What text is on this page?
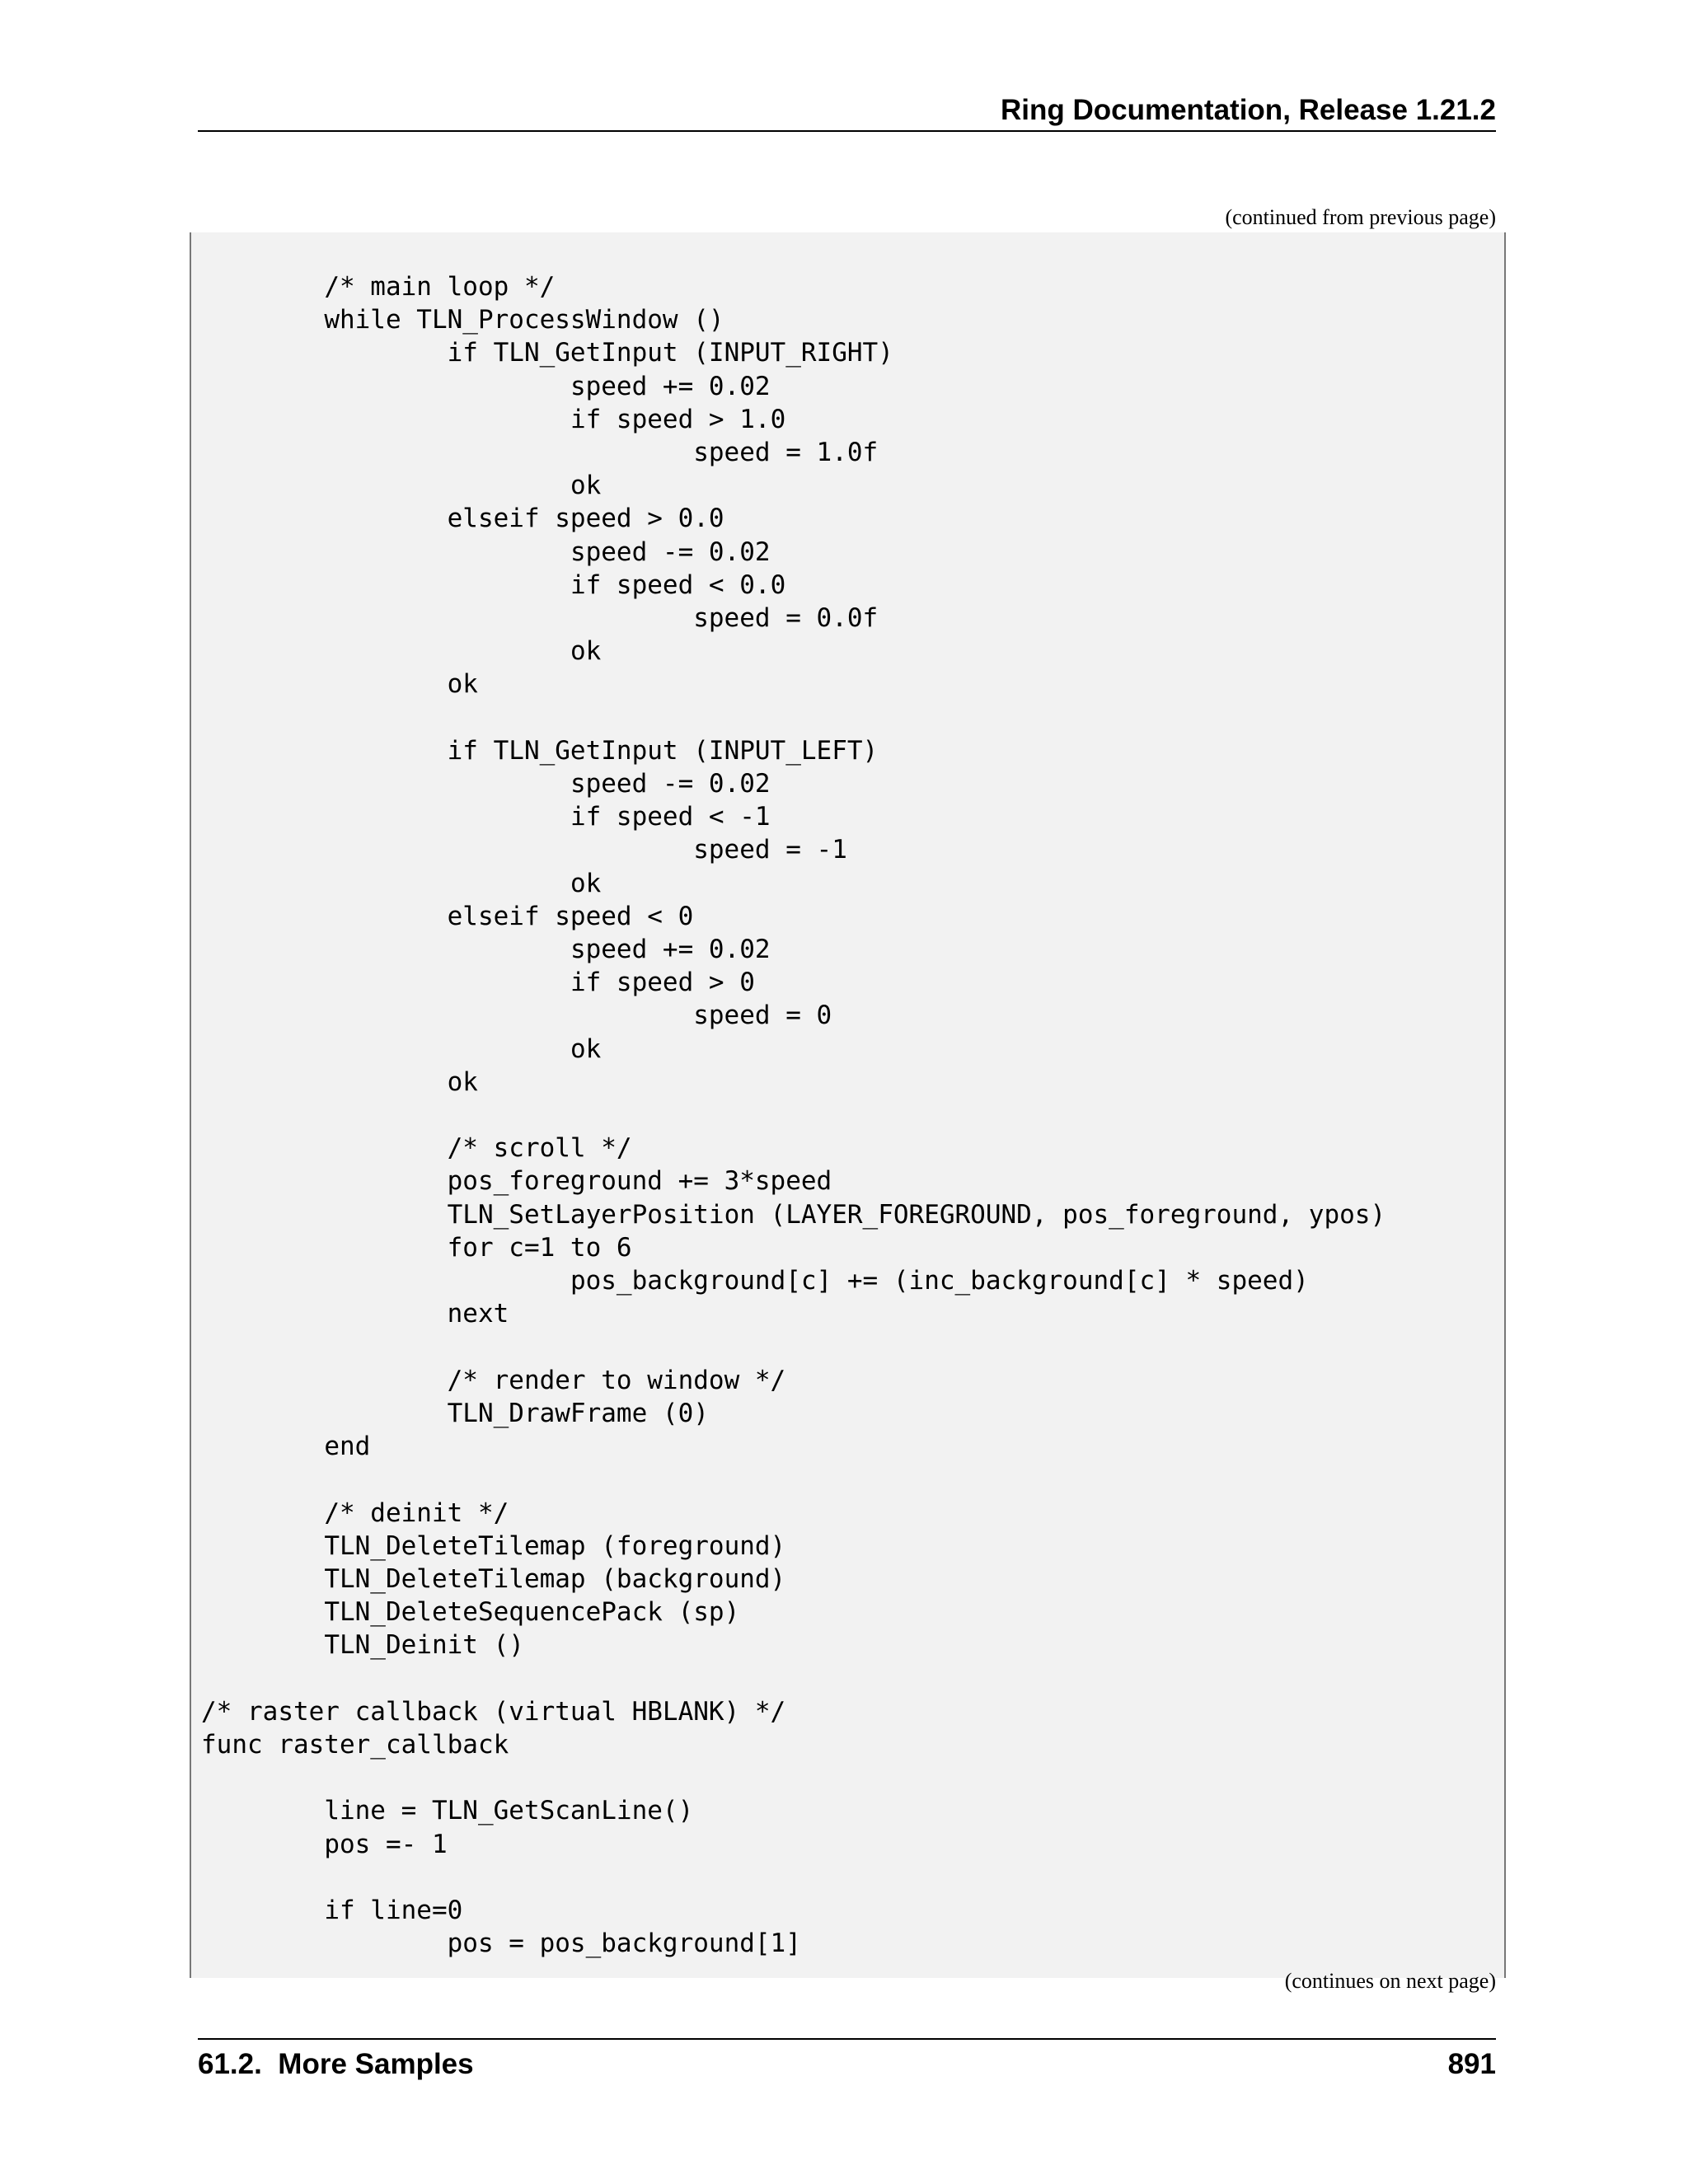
Ring Documentation, Release 1.21.2
(continued from previous page)
	/* main loop */
	while TLN_ProcessWindow ()
		if TLN_GetInput (INPUT_RIGHT)
			speed += 0.02
			if speed > 1.0
				speed = 1.0f
			ok
		elseif speed > 0.0
			speed -= 0.02
			if speed < 0.0
				speed = 0.0f
			ok
		ok

		if TLN_GetInput (INPUT_LEFT)
			speed -= 0.02
			if speed < -1
				speed = -1
			ok
		elseif speed < 0
			speed += 0.02
			if speed > 0
				speed = 0
			ok
		ok

		/* scroll */
		pos_foreground += 3*speed
		TLN_SetLayerPosition (LAYER_FOREGROUND, pos_foreground, ypos)
		for c=1 to 6
			pos_background[c] += (inc_background[c] * speed)
		next

		/* render to window */
		TLN_DrawFrame (0)
	end

	/* deinit */
	TLN_DeleteTilemap (foreground)
	TLN_DeleteTilemap (background)
	TLN_DeleteSequencePack (sp)
	TLN_Deinit ()

/* raster callback (virtual HBLANK) */
func raster_callback

	line = TLN_GetScanLine()
	pos =- 1

	if line=0
		pos = pos_background[1]
(continues on next page)
61.2.  More Samples	891
